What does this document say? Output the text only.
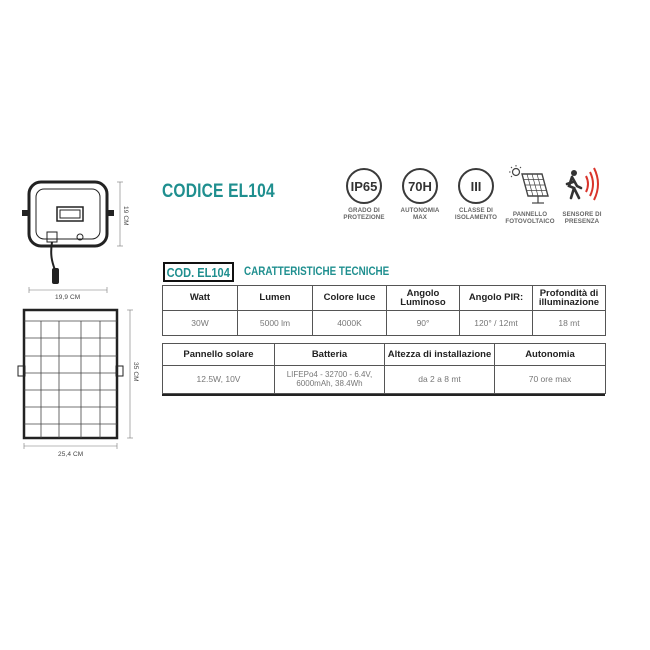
19,9 CM
19 CM
25,4 CM
35 CM
CODICE EL104	IP65
GRADO DI
PROTEZIONE
70H
AUTONOMIA
MAX
III
CLASSE DI
ISOLAMENTO	PANNELLO
FOTOVOLTAICO
SENSORE DI
PRESENZA
COD. EL104 CARATTERISTICHE TECNICHE
Watt	Lumen	Colore luce	Angolo Luminoso	Angolo PIR:	Profondità di illuminazione
30W	5000 lm	4000K	90°	120° / 12mt	18 mt
Pannello solare	Batteria	Altezza di installazione	Autonomia
12.5W, 10V	LIFEPo4 - 32700 - 6.4V, 6000mAh, 38.4Wh	da 2 a 8 mt	70 ore max
